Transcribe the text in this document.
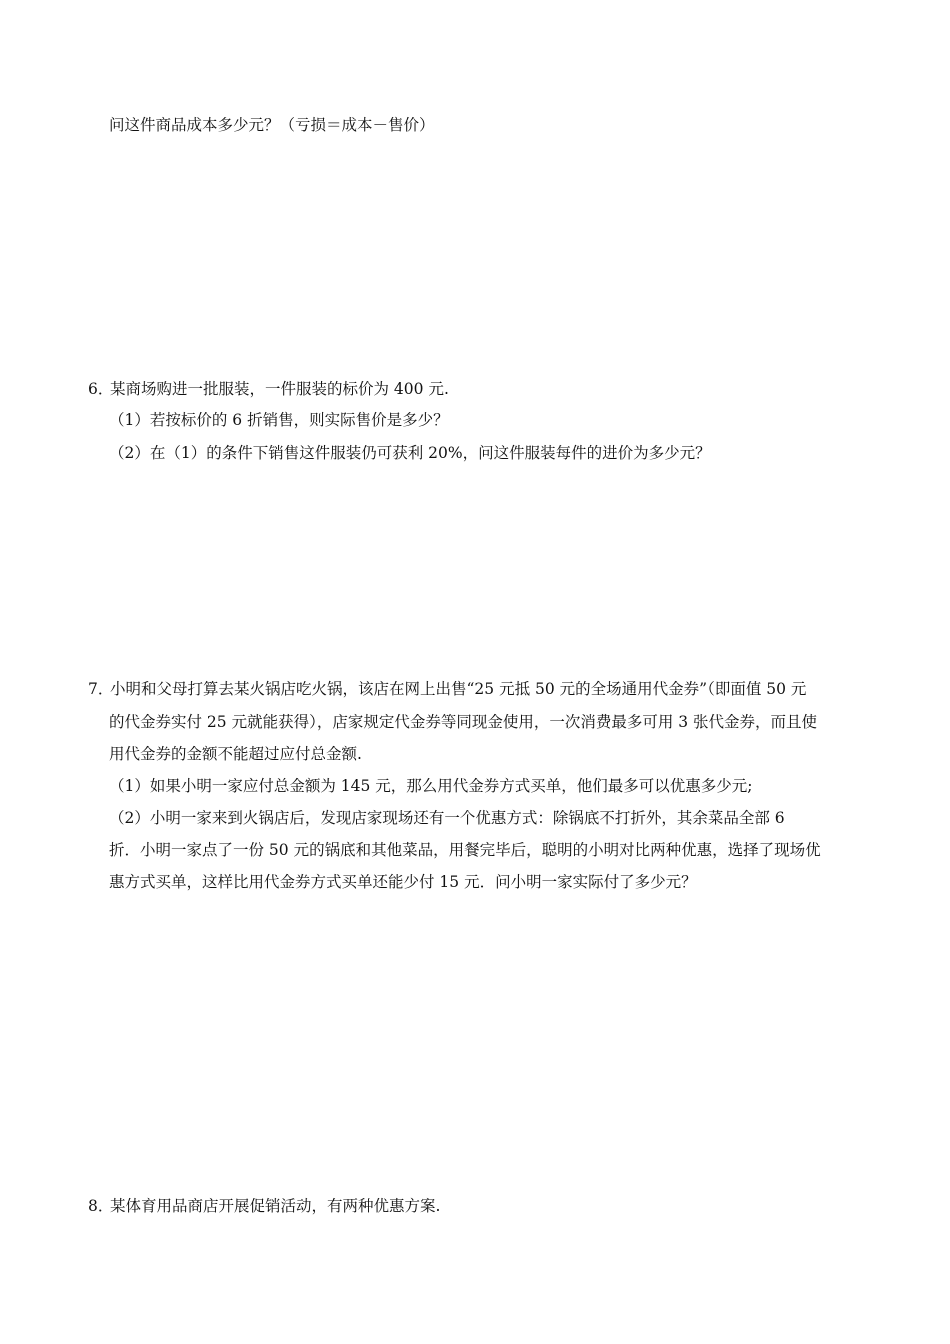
问这件商品成本多少元？（亏损＝成本－售价）
6．某商场购进一批服装，一件服装的标价为 400 元.
（1）若按标价的 6 折销售，则实际售价是多少？
（2）在（1）的条件下销售这件服装仍可获利 20%，问这件服装每件的进价为多少元？
7．小明和父母打算去某火锅店吃火锅，该店在网上出售“25 元抵 50 元的全场通用代金券”（即面值 50 元
的代金券实付 25 元就能获得），店家规定代金券等同现金使用，一次消费最多可用 3 张代金券，而且使
用代金券的金额不能超过应付总金额.
（1）如果小明一家应付总金额为 145 元，那么用代金券方式买单，他们最多可以优惠多少元;
（2）小明一家来到火锅店后，发现店家现场还有一个优惠方式：除锅底不打折外，其余菜品全部 6
折．小明一家点了一份 50 元的锅底和其他菜品，用餐完毕后，聪明的小明对比两种优惠，选择了现场优
惠方式买单，这样比用代金券方式买单还能少付 15 元．问小明一家实际付了多少元？
8．某体育用品商店开展促销活动，有两种优惠方案.
